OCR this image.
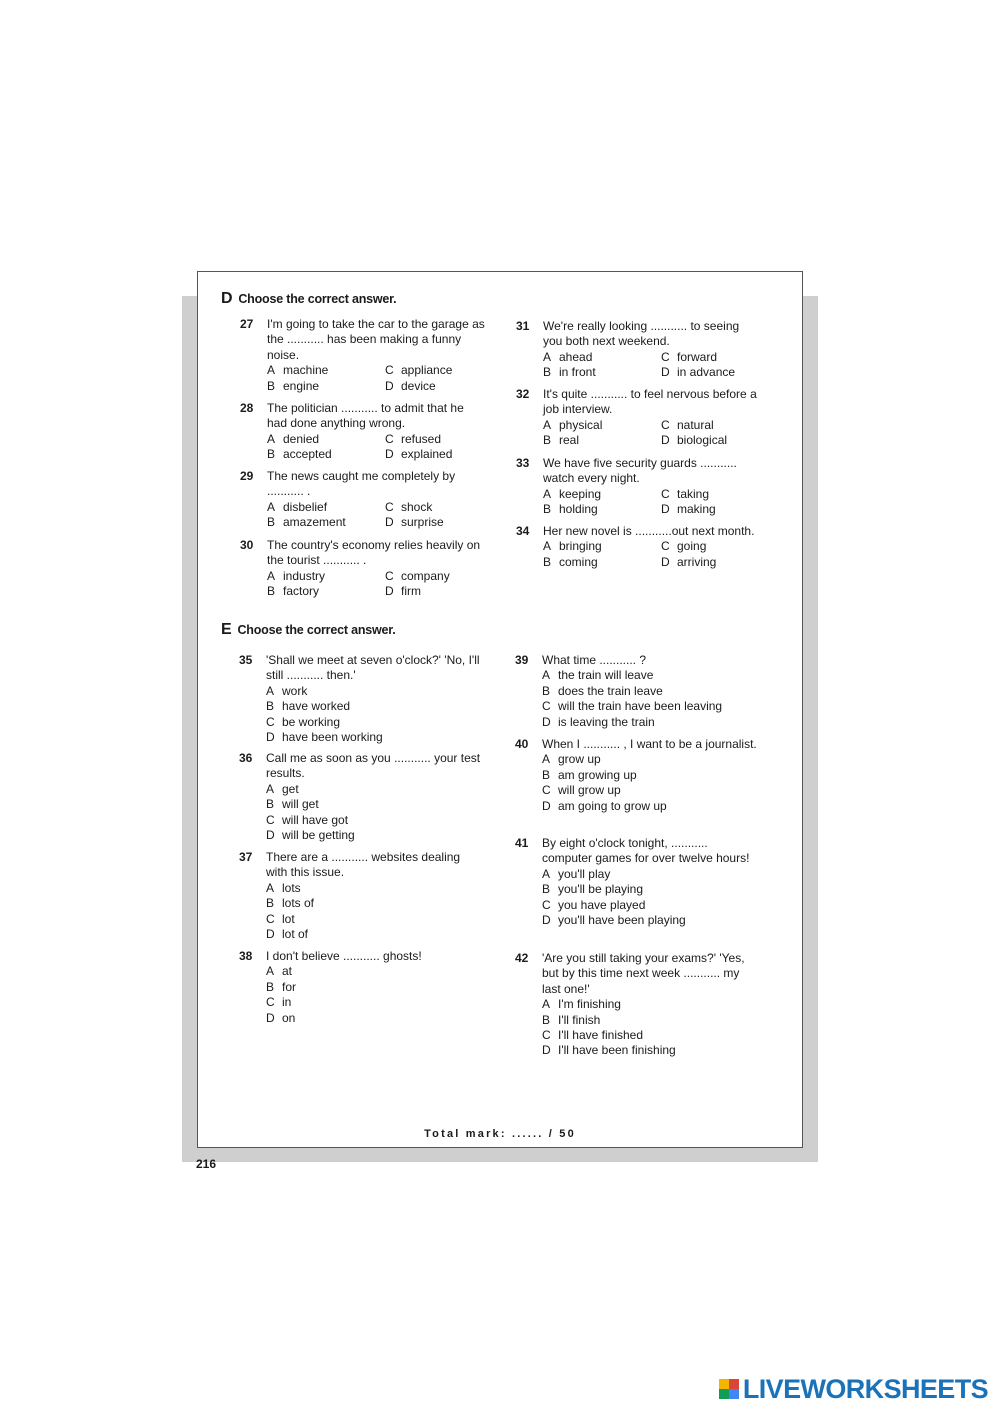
D Choose the correct answer.
27 I'm going to take the car to the garage as the ........... has been making a funny noise.
A machine	C appliance
B engine	D device
28 The politician ........... to admit that he had done anything wrong.
A denied	C refused
B accepted	D explained
29 The news caught me completely by ........... .
A disbelief	C shock
B amazement	D surprise
30 The country's economy relies heavily on the tourist ........... .
A industry	C company
B factory	D firm
31 We're really looking ........... to seeing you both next weekend.
A ahead	C forward
B in front	D in advance
32 It's quite ........... to feel nervous before a job interview.
A physical	C natural
B real	D biological
33 We have five security guards ........... watch every night.
A keeping	C taking
B holding	D making
34 Her new novel is ...........out next month.
A bringing	C going
B coming	D arriving
E Choose the correct answer.
35 'Shall we meet at seven o'clock?' 'No, I'll still ........... then.'
A work
B have worked
C be working
D have been working
36 Call me as soon as you ........... your test results.
A get
B will get
C will have got
D will be getting
37 There are a ........... websites dealing with this issue.
A lots
B lots of
C lot
D lot of
38 I don't believe ........... ghosts!
A at
B for
C in
D on
39 What time ........... ?
A the train will leave
B does the train leave
C will the train have been leaving
D is leaving the train
40 When I ........... , I want to be a journalist.
A grow up
B am growing up
C will grow up
D am going to grow up
41 By eight o'clock tonight, ........... computer games for over twelve hours!
A you'll play
B you'll be playing
C you have played
D you'll have been playing
42 'Are you still taking your exams?' 'Yes, but by this time next week ........... my last one!'
A I'm finishing
B I'll finish
C I'll have finished
D I'll have been finishing
Total mark: ...... / 50
216
LIVEWORKSHEETS
